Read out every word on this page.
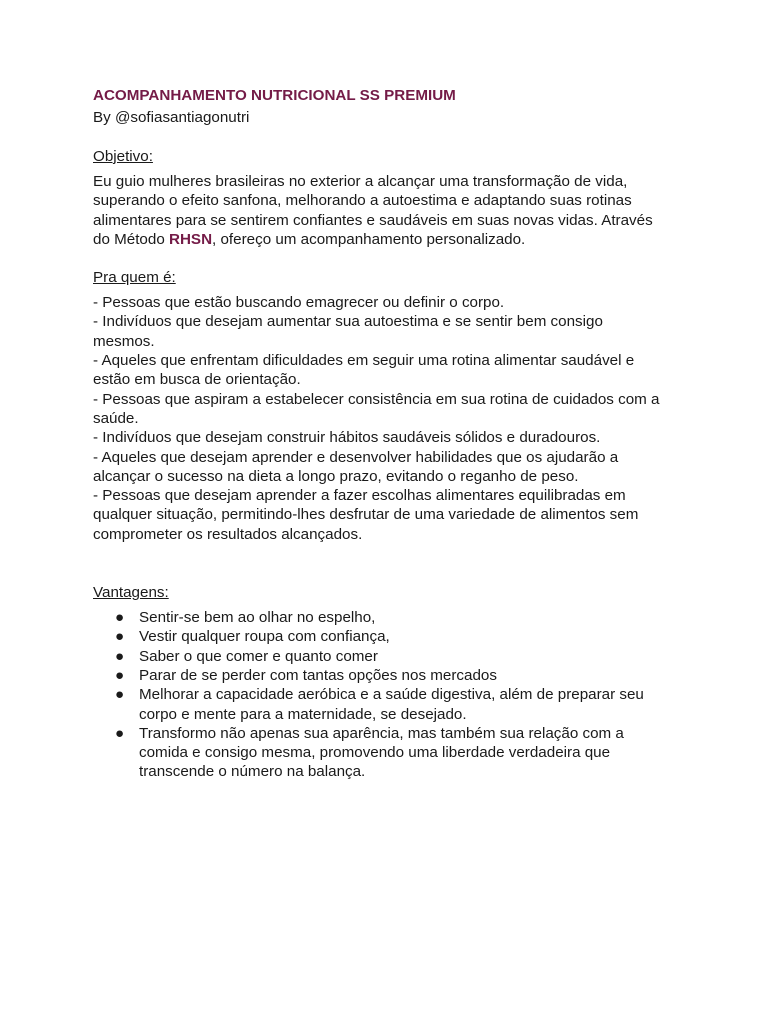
ACOMPANHAMENTO NUTRICIONAL SS PREMIUM
By @sofiasantiagonutri
Objetivo:
Eu guio mulheres brasileiras no exterior a alcançar uma transformação de vida,
superando o efeito sanfona, melhorando a autoestima e adaptando suas rotinas
alimentares para se sentirem confiantes e saudáveis em suas novas vidas. Através
do Método RHSN, ofereço um acompanhamento personalizado.
Pra quem é:
- Pessoas que estão buscando emagrecer ou definir o corpo.
- Indivíduos que desejam aumentar sua autoestima e se sentir bem consigo
mesmos.
- Aqueles que enfrentam dificuldades em seguir uma rotina alimentar saudável e
estão em busca de orientação.
- Pessoas que aspiram a estabelecer consistência em sua rotina de cuidados com a
saúde.
- Indivíduos que desejam construir hábitos saudáveis sólidos e duradouros.
- Aqueles que desejam aprender e desenvolver habilidades que os ajudarão a
alcançar o sucesso na dieta a longo prazo, evitando o reganho de peso.
- Pessoas que desejam aprender a fazer escolhas alimentares equilibradas em
qualquer situação, permitindo-lhes desfrutar de uma variedade de alimentos sem
comprometer os resultados alcançados.
Vantagens:
● Sentir-se bem ao olhar no espelho,
● Vestir qualquer roupa com confiança,
● Saber o que comer e quanto comer
● Parar de se perder com tantas opções nos mercados
● Melhorar a capacidade aeróbica e a saúde digestiva, além de preparar seu
corpo e mente para a maternidade, se desejado.
● Transformo não apenas sua aparência, mas também sua relação com a
comida e consigo mesma, promovendo uma liberdade verdadeira que
transcende o número na balança.
